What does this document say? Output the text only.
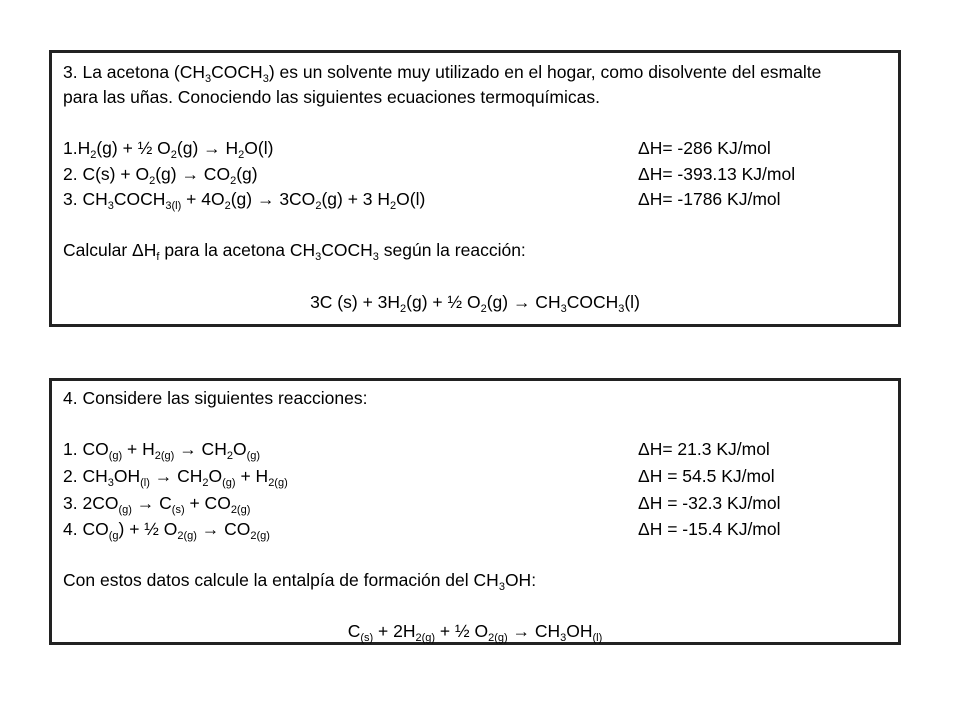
3. La acetona $(CH_3COCH_3)$ es un solvente muy utilizado en el hogar, como disolvente del esmalte
para las uñas. Conociendo las siguientes ecuaciones termoquímicas.
$1.H_2(g)$ + ½ $O_2(g) \to H_2O(l)$	ΔH= -286 KJ/mol
2. $C(s) + O_2(g) \to CO_2(g)$	ΔH= -393.13 KJ/mol
3. $CH_3COCH_{3(l)} + 4O_2(g) \to 3CO_2(g) + 3$ $H_2O(l)$	ΔH= -1786 KJ/mol
Calcular $\Delta H_f$ para la acetona $CH_3COCH_3$ según la reacción:
3C $(s) + 3H_2(g)$ + ½ $O_2(g)$ → $CH_3COCH_3(l)$
4. Considere las siguientes reacciones:
1. $CO_{(g)} + H_{2(g)} \to CH_2O_{(g)}$	ΔH= 21.3 KJ/mol
2. $CH_3OH_{(l)} \to CH_2O_{(g)} + H_{2(g)}$	ΔH = 54.5 KJ/mol
3. $2CO_{(g)} \to C_{(s)} + CO_{2(g)}$	ΔH = -32.3 KJ/mol
4. $CO_{(g}$) + ½ $O_{2(g)} \to CO_{2(g)}$	ΔH = -15.4 KJ/mol
Con estos datos calcule la entalpía de formación del $CH_3OH$:
$C_{(s)} + 2H_{2(g)}$ + ½ $O_{2(g)} \to CH_3OH_{(l)}$
